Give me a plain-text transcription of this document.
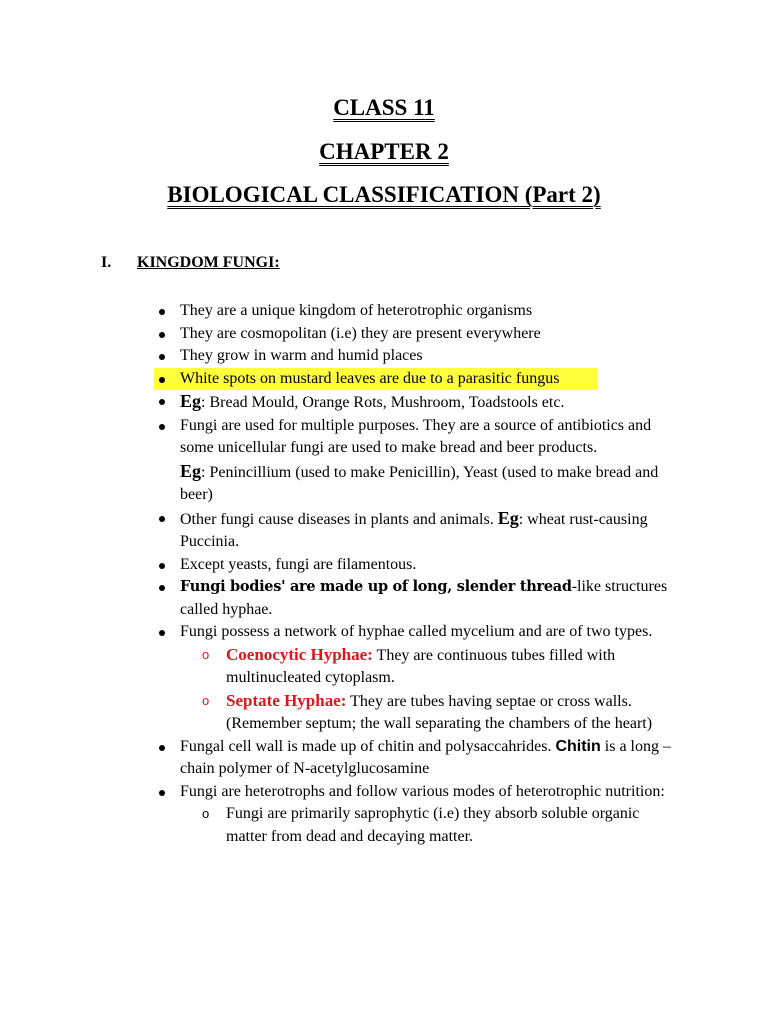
CLASS 11
CHAPTER 2
BIOLOGICAL CLASSIFICATION (Part 2)
I. KINGDOM FUNGI:
They are a unique kingdom of heterotrophic organisms
They are cosmopolitan (i.e) they are present everywhere
They grow in warm and humid places
White spots on mustard leaves are due to a parasitic fungus
Eg: Bread Mould, Orange Rots, Mushroom, Toadstools etc.
Fungi are used for multiple purposes. They are a source of antibiotics and some unicellular fungi are used to make bread and beer products.
Eg: Penincillium (used to make Penicillin), Yeast (used to make bread and beer)
Other fungi cause diseases in plants and animals. Eg: wheat rust-causing Puccinia.
Except yeasts, fungi are filamentous.
Fungi bodies' are made up of long, slender thread-like structures called hyphae.
Fungi possess a network of hyphae called mycelium and are of two types.
o Coenocytic Hyphae: They are continuous tubes filled with multinucleated cytoplasm.
o Septate Hyphae: They are tubes having septae or cross walls. (Remember septum; the wall separating the chambers of the heart)
Fungal cell wall is made up of chitin and polysaccahrides. Chitin is a long –chain polymer of N-acetylglucosamine
Fungi are heterotrophs and follow various modes of heterotrophic nutrition:
o Fungi are primarily saprophytic (i.e) they absorb soluble organic matter from dead and decaying matter.
